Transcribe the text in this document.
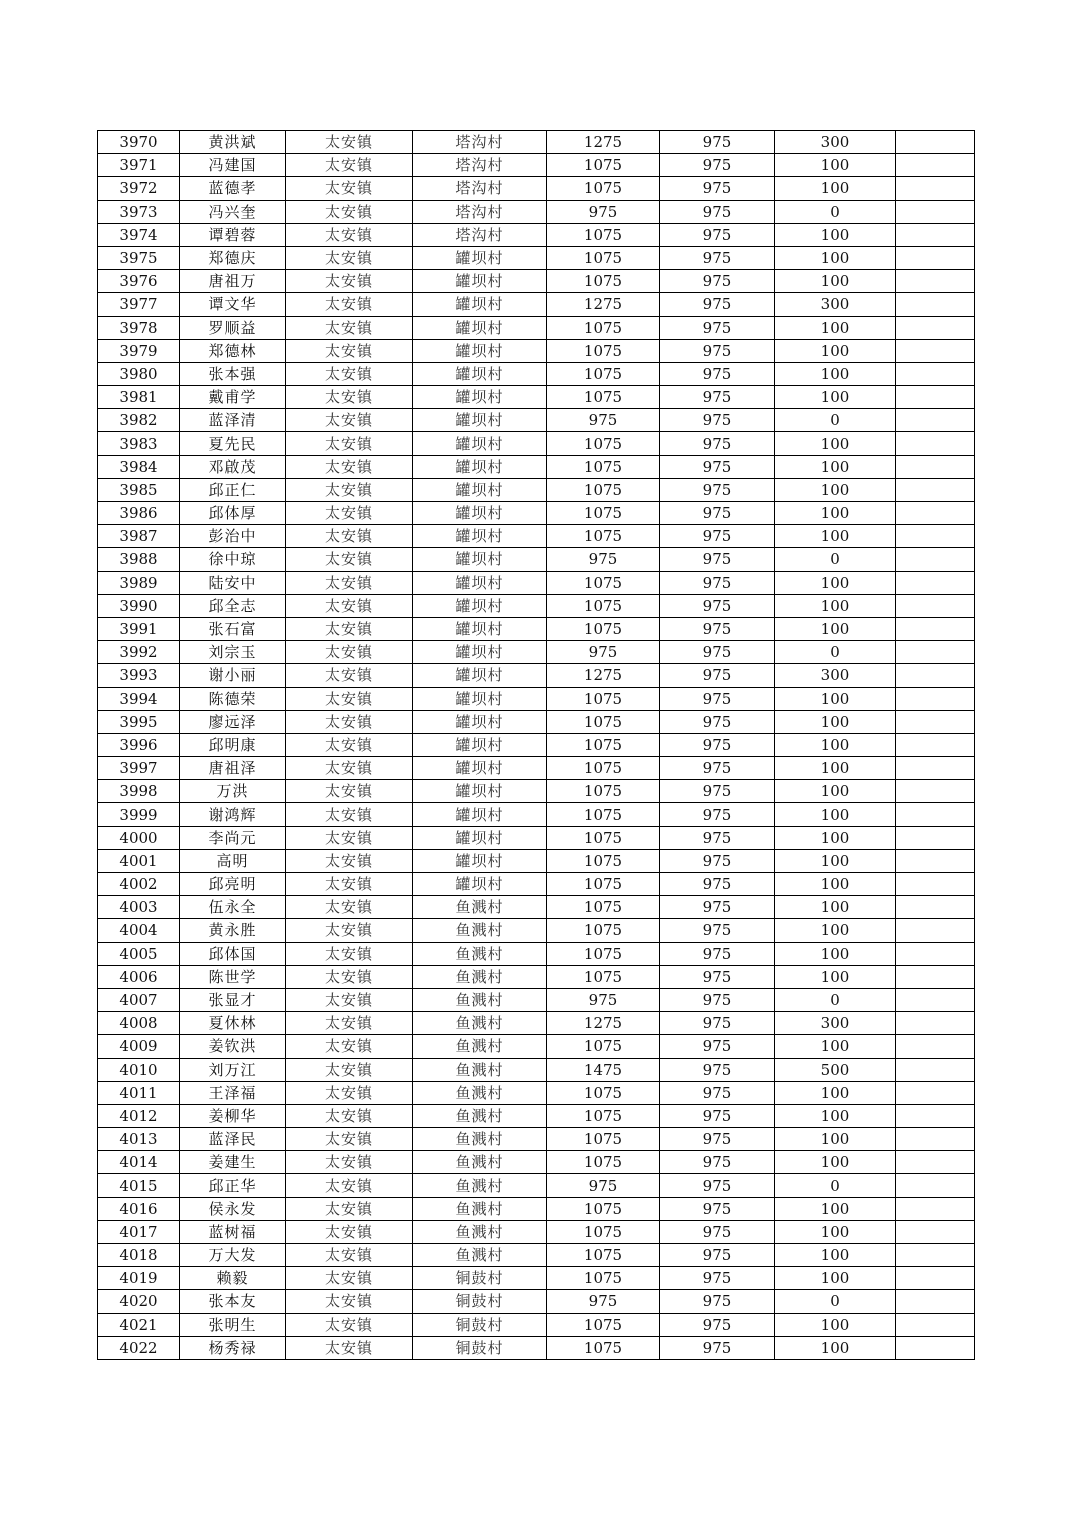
3970	黄洪斌	太安镇	塔沟村	1275	975	300	
3971	冯建国	太安镇	塔沟村	1075	975	100	
3972	蓝德孝	太安镇	塔沟村	1075	975	100	
3973	冯兴奎	太安镇	塔沟村	975	975	0	
3974	谭碧蓉	太安镇	塔沟村	1075	975	100	
3975	郑德庆	太安镇	罐坝村	1075	975	100	
3976	唐祖万	太安镇	罐坝村	1075	975	100	
3977	谭文华	太安镇	罐坝村	1275	975	300	
3978	罗顺益	太安镇	罐坝村	1075	975	100	
3979	郑德林	太安镇	罐坝村	1075	975	100	
3980	张本强	太安镇	罐坝村	1075	975	100	
3981	戴甫学	太安镇	罐坝村	1075	975	100	
3982	蓝泽清	太安镇	罐坝村	975	975	0	
3983	夏先民	太安镇	罐坝村	1075	975	100	
3984	邓啟茂	太安镇	罐坝村	1075	975	100	
3985	邱正仁	太安镇	罐坝村	1075	975	100	
3986	邱体厚	太安镇	罐坝村	1075	975	100	
3987	彭治中	太安镇	罐坝村	1075	975	100	
3988	徐中琼	太安镇	罐坝村	975	975	0	
3989	陆安中	太安镇	罐坝村	1075	975	100	
3990	邱全志	太安镇	罐坝村	1075	975	100	
3991	张石富	太安镇	罐坝村	1075	975	100	
3992	刘宗玉	太安镇	罐坝村	975	975	0	
3993	谢小丽	太安镇	罐坝村	1275	975	300	
3994	陈德荣	太安镇	罐坝村	1075	975	100	
3995	廖远泽	太安镇	罐坝村	1075	975	100	
3996	邱明康	太安镇	罐坝村	1075	975	100	
3997	唐祖泽	太安镇	罐坝村	1075	975	100	
3998	万洪	太安镇	罐坝村	1075	975	100	
3999	谢鸿辉	太安镇	罐坝村	1075	975	100	
4000	李尚元	太安镇	罐坝村	1075	975	100	
4001	高明	太安镇	罐坝村	1075	975	100	
4002	邱亮明	太安镇	罐坝村	1075	975	100	
4003	伍永全	太安镇	鱼溅村	1075	975	100	
4004	黄永胜	太安镇	鱼溅村	1075	975	100	
4005	邱体国	太安镇	鱼溅村	1075	975	100	
4006	陈世学	太安镇	鱼溅村	1075	975	100	
4007	张显才	太安镇	鱼溅村	975	975	0	
4008	夏休林	太安镇	鱼溅村	1275	975	300	
4009	姜钦洪	太安镇	鱼溅村	1075	975	100	
4010	刘万江	太安镇	鱼溅村	1475	975	500	
4011	王泽福	太安镇	鱼溅村	1075	975	100	
4012	姜柳华	太安镇	鱼溅村	1075	975	100	
4013	蓝泽民	太安镇	鱼溅村	1075	975	100	
4014	姜建生	太安镇	鱼溅村	1075	975	100	
4015	邱正华	太安镇	鱼溅村	975	975	0	
4016	侯永发	太安镇	鱼溅村	1075	975	100	
4017	蓝树福	太安镇	鱼溅村	1075	975	100	
4018	万大发	太安镇	鱼溅村	1075	975	100	
4019	赖毅	太安镇	铜鼓村	1075	975	100	
4020	张本友	太安镇	铜鼓村	975	975	0	
4021	张明生	太安镇	铜鼓村	1075	975	100	
4022	杨秀禄	太安镇	铜鼓村	1075	975	100	
